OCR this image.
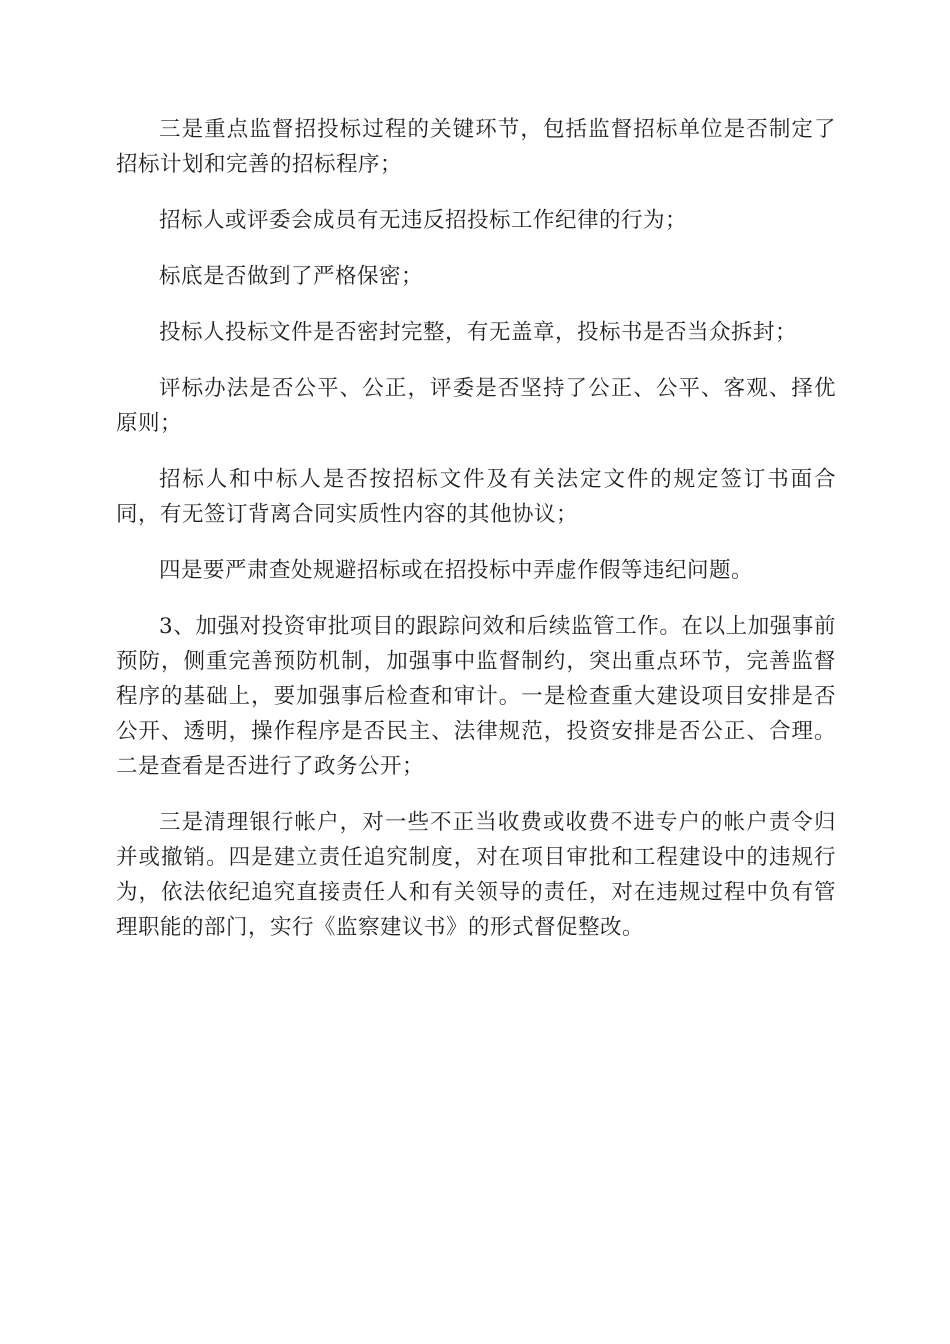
三是重点监督招投标过程的关键环节，包括监督招标单位是否制定了招标计划和完善的招标程序；

招标人或评委会成员有无违反招投标工作纪律的行为；

标底是否做到了严格保密；

投标人投标文件是否密封完整，有无盖章，投标书是否当众拆封；

评标办法是否公平、公正，评委是否坚持了公正、公平、客观、择优原则；

招标人和中标人是否按招标文件及有关法定文件的规定签订书面合同，有无签订背离合同实质性内容的其他协议；

四是要严肃查处规避招标或在招投标中弄虚作假等违纪问题。

3、加强对投资审批项目的跟踪问效和后续监管工作。在以上加强事前预防，侧重完善预防机制，加强事中监督制约，突出重点环节，完善监督程序的基础上，要加强事后检查和审计。一是检查重大建设项目安排是否公开、透明，操作程序是否民主、法律规范，投资安排是否公正、合理。二是查看是否进行了政务公开；

三是清理银行帐户，对一些不正当收费或收费不进专户的帐户责令归并或撤销。四是建立责任追究制度，对在项目审批和工程建设中的违规行为，依法依纪追究直接责任人和有关领导的责任，对在违规过程中负有管理职能的部门，实行《监察建议书》的形式督促整改。
